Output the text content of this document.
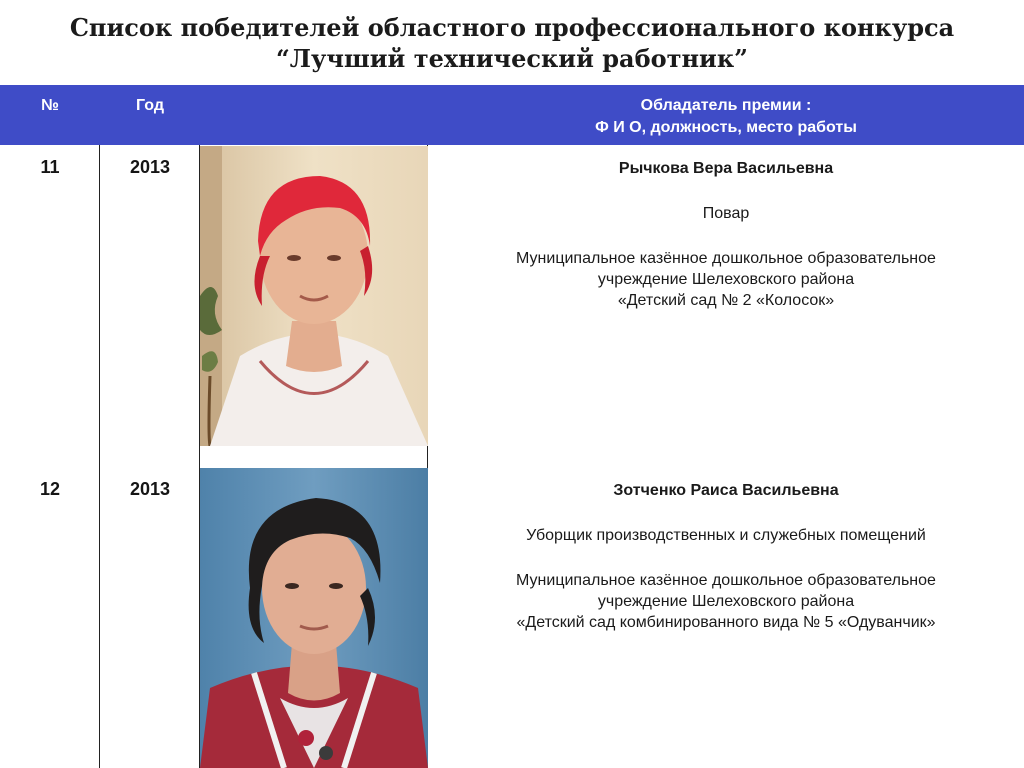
Список победителей областного профессионального конкурса
“Лучший технический работник”
№	Год	Обладатель премии :
Ф И О, должность, место работы
11	2013	Рычкова Вера Васильевна
Повар
Муниципальное казённое дошкольное образовательное
учреждение Шелеховского района
«Детский сад № 2 «Колосок»
12	2013	Зотченко Раиса Васильевна
Уборщик производственных и служебных помещений
Муниципальное казённое дошкольное образовательное
учреждение Шелеховского района
«Детский сад комбинированного вида № 5 «Одуванчик»
